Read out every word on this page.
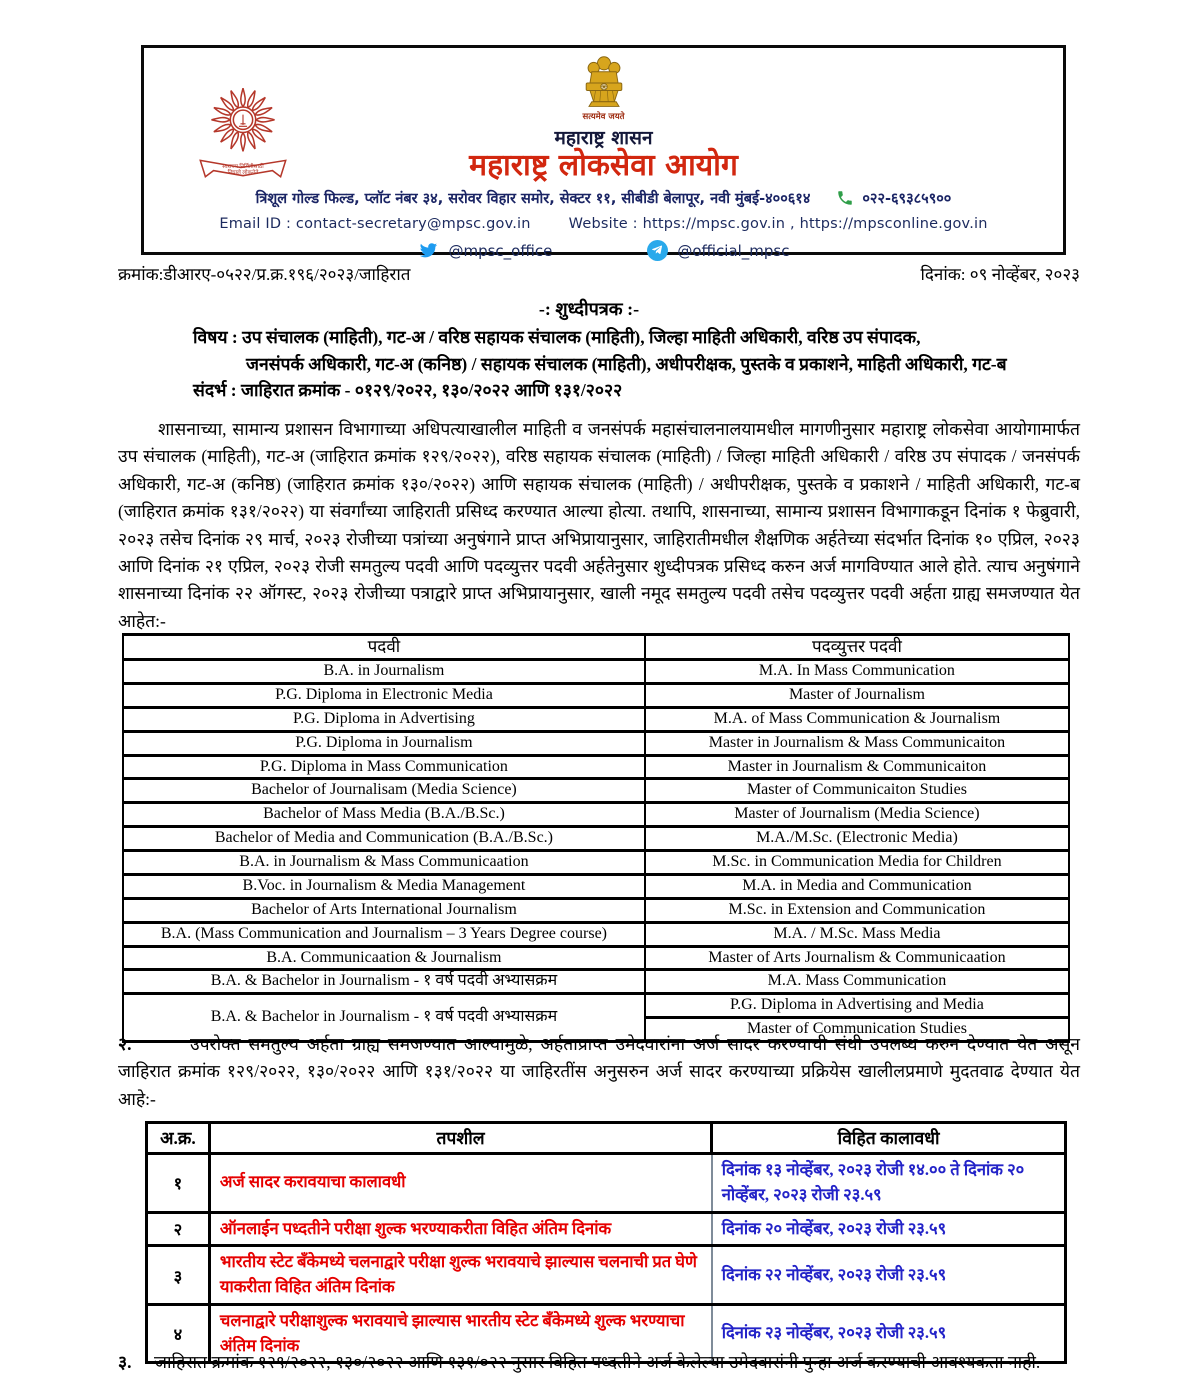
स्वराज्य निर्मितीसाठी
निघाले लोकनेते
सत्यमेव जयते
महाराष्ट्र शासन
महाराष्ट्र लोकसेवा आयोग
त्रिशूल गोल्ड फिल्ड, प्लॉट नंबर ३४, सरोवर विहार समोर, सेक्टर ११, सीबीडी बेलापूर, नवी मुंबई-४००६१४	०२२-६९३८५९००
Email ID : contact-secretary@mpsc.gov.in	Website : https://mpsc.gov.in , https://mpsconline.gov.in
@mpsc_office	@official_mpsc
क्रमांक:डीआरए-०५२२/प्र.क्र.१९६/२०२३/जाहिरात	दिनांक: ०९ नोव्हेंबर, २०२३
-: शुध्दीपत्रक :-
विषय : उप संचालक (माहिती), गट-अ / वरिष्ठ सहायक संचालक (माहिती), जिल्हा माहिती अधिकारी, वरिष्ठ उप संपादक,
जनसंपर्क अधिकारी, गट-अ (कनिष्ठ) / सहायक संचालक (माहिती), अधीपरीक्षक, पुस्तके व प्रकाशने, माहिती अधिकारी, गट-ब
संदर्भ : जाहिरात क्रमांक - ०१२९/२०२२, १३०/२०२२ आणि १३१/२०२२
शासनाच्या, सामान्य प्रशासन विभागाच्या अधिपत्याखालील माहिती व जनसंपर्क महासंचालनालयामधील मागणीनुसार महाराष्ट्र लोकसेवा आयोगामार्फत उप संचालक (माहिती), गट-अ (जाहिरात क्रमांक १२९/२०२२), वरिष्ठ सहायक संचालक (माहिती) / जिल्हा माहिती अधिकारी / वरिष्ठ उप संपादक / जनसंपर्क अधिकारी, गट-अ (कनिष्ठ) (जाहिरात क्रमांक १३०/२०२२) आणि सहायक संचालक (माहिती) / अधीपरीक्षक, पुस्तके व प्रकाशने / माहिती अधिकारी, गट-ब (जाहिरात क्रमांक १३१/२०२२) या संवर्गांच्या जाहिराती प्रसिध्द करण्यात आल्या होत्या. तथापि, शासनाच्या, सामान्य प्रशासन विभागाकडून दिनांक १ फेब्रुवारी, २०२३ तसेच दिनांक २९ मार्च, २०२३ रोजीच्या पत्रांच्या अनुषंगाने प्राप्त अभिप्रायानुसार, जाहिरातीमधील शैक्षणिक अर्हतेच्या संदर्भात दिनांक १० एप्रिल, २०२३ आणि दिनांक २१ एप्रिल, २०२३ रोजी समतुल्य पदवी आणि पदव्युत्तर पदवी अर्हतेनुसार शुध्दीपत्रक प्रसिध्द करुन अर्ज मागविण्यात आले होते. त्याच अनुषंगाने शासनाच्या दिनांक २२ ऑगस्ट, २०२३ रोजीच्या पत्राद्वारे प्राप्त अभिप्रायानुसार, खाली नमूद समतुल्य पदवी तसेच पदव्युत्तर पदवी अर्हता ग्राह्य समजण्यात येत आहेत:-
पदवी	पदव्युत्तर पदवी
B.A. in Journalism	M.A. In Mass Communication
P.G. Diploma in Electronic Media	Master of Journalism
P.G. Diploma in Advertising	M.A. of Mass Communication & Journalism
P.G. Diploma in Journalism	Master in Journalism & Mass Communicaiton
P.G. Diploma in Mass Communication	Master in Journalism & Communicaiton
Bachelor of Journalisam (Media Science)	Master of Communicaiton Studies
Bachelor of Mass Media (B.A./B.Sc.)	Master of Journalism (Media Science)
Bachelor of Media and Communication (B.A./B.Sc.)	M.A./M.Sc. (Electronic Media)
B.A. in Journalism & Mass Communicaation	M.Sc. in Communication Media for Children
B.Voc. in Journalism & Media Management	M.A. in Media and Communication
Bachelor of Arts International Journalism	M.Sc. in Extension and Communication
B.A. (Mass Communication and Journalism – 3 Years Degree course)	M.A. / M.Sc. Mass Media
B.A. Communicaation & Journalism	Master of Arts Journalism & Communicaation
B.A. & Bachelor in Journalism - १ वर्ष पदवी अभ्यासक्रम	M.A. Mass Communication
B.A. & Bachelor in Journalism - १ वर्ष पदवी अभ्यासक्रम	P.G. Diploma in Advertising and Media
	Master of Communication Studies
२.	उपरोक्त समतुल्य अर्हता ग्राह्य समजण्यात आल्यामुळे, अर्हताप्राप्त उमेदवारांना अर्ज सादर करण्याची संधी उपलब्ध करुन देण्यात येत असून जाहिरात क्रमांक १२९/२०२२, १३०/२०२२ आणि १३१/२०२२ या जाहिरतींस अनुसरुन अर्ज सादर करण्याच्या प्रक्रियेस खालीलप्रमाणे मुदतवाढ देण्यात येत आहे:-
अ.क्र.	तपशील	विहित कालावधी
१	अर्ज सादर करावयाचा कालावधी	दिनांक १३ नोव्हेंबर, २०२३ रोजी १४.०० ते दिनांक २० नोव्हेंबर, २०२३ रोजी २३.५९
२	ऑनलाईन पध्दतीने परीक्षा शुल्क भरण्याकरीता विहित अंतिम दिनांक	दिनांक २० नोव्हेंबर, २०२३ रोजी २३.५९
३	भारतीय स्टेट बँकेमध्ये चलनाद्वारे परीक्षा शुल्क भरावयाचे झाल्यास चलनाची प्रत घेणे याकरीता विहित अंतिम दिनांक	दिनांक २२ नोव्हेंबर, २०२३ रोजी २३.५९
४	चलनाद्वारे परीक्षाशुल्क भरावयाचे झाल्यास भारतीय स्टेट बँकेमध्ये शुल्क भरण्याचा अंतिम दिनांक	दिनांक २३ नोव्हेंबर, २०२३ रोजी २३.५९
३. जाहिरात क्रमांक १२९/२०२२, १३०/२०२२ आणि १३१/०२२ नुसार विहित पध्दतीने अर्ज केलेल्या उमेदवारांनी पुन्हा अर्ज करण्याची आवश्यकता नाही.
